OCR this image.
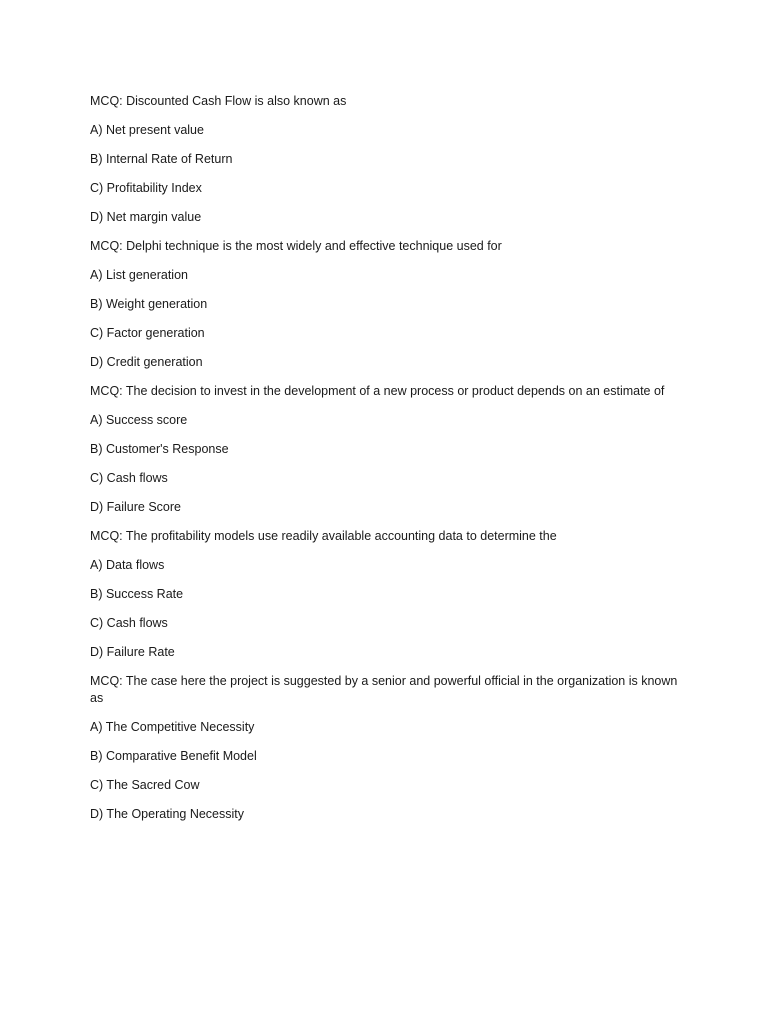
MCQ: Discounted Cash Flow is also known as

A) Net present value

B) Internal Rate of Return

C) Profitability Index

D) Net margin value

MCQ: Delphi technique is the most widely and effective technique used for

A) List generation

B) Weight generation

C) Factor generation

D) Credit generation

MCQ: The decision to invest in the development of a new process or product depends on an estimate of

A) Success score

B) Customer's Response

C) Cash flows

D) Failure Score

MCQ: The profitability models use readily available accounting data to determine the

A) Data flows

B) Success Rate

C) Cash flows

D) Failure Rate

MCQ: The case here the project is suggested by a senior and powerful official in the organization is known as

A) The Competitive Necessity

B) Comparative Benefit Model

C) The Sacred Cow

D) The Operating Necessity
